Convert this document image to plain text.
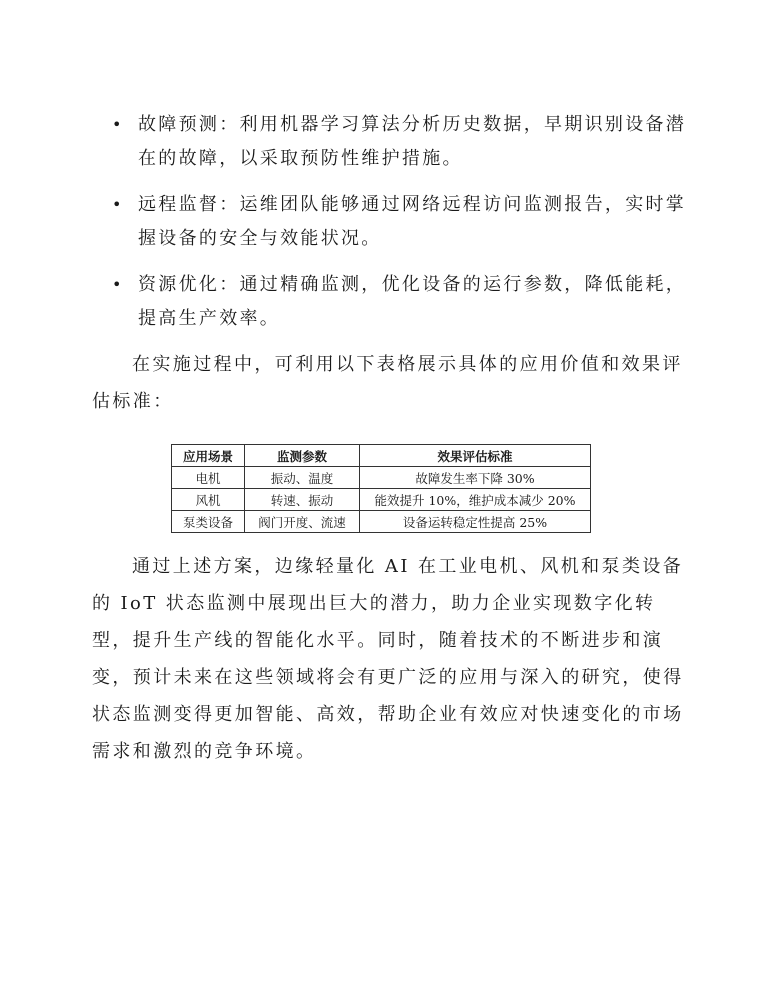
• 故障预测：利用机器学习算法分析历史数据，早期识别设备潜在的故障，以采取预防性维护措施。
• 远程监督：运维团队能够通过网络远程访问监测报告，实时掌握设备的安全与效能状况。
• 资源优化：通过精确监测，优化设备的运行参数，降低能耗，提高生产效率。

在实施过程中，可利用以下表格展示具体的应用价值和效果评估标准：

应用场景	监测参数	效果评估标准
电机	振动、温度	故障发生率下降 30%
风机	转速、振动	能效提升 10%，维护成本减少 20%
泵类设备	阀门开度、流速	设备运转稳定性提高 25%

通过上述方案，边缘轻量化 AI 在工业电机、风机和泵类设备的 IoT 状态监测中展现出巨大的潜力，助力企业实现数字化转型，提升生产线的智能化水平。同时，随着技术的不断进步和演变，预计未来在这些领域将会有更广泛的应用与深入的研究，使得状态监测变得更加智能、高效，帮助企业有效应对快速变化的市场需求和激烈的竞争环境。
